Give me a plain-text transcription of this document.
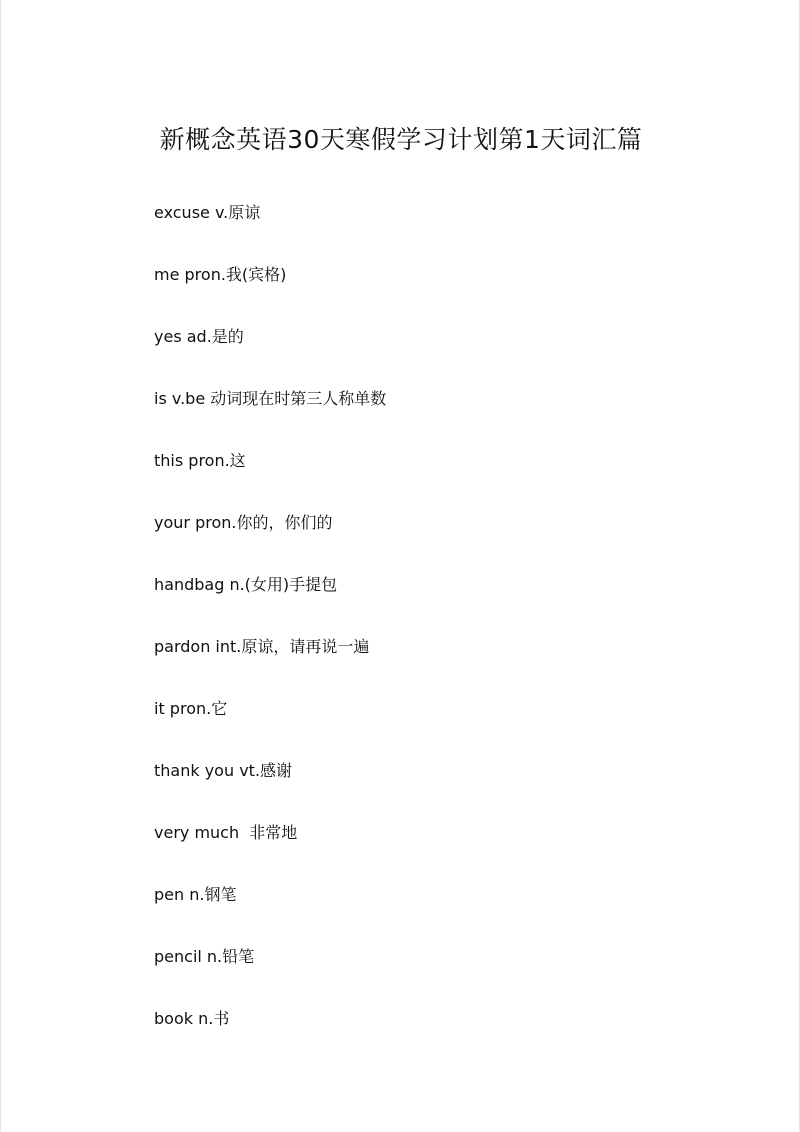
新概念英语30天寒假学习计划第1天词汇篇
excuse v.原谅
me pron.我(宾格)
yes ad.是的
is v.be 动词现在时第三人称单数
this pron.这
your pron.你的，你们的
handbag n.(女用)手提包
pardon int.原谅，请再说一遍
it pron.它
thank you vt.感谢
very much  非常地
pen n.钢笔
pencil n.铅笔
book n.书
